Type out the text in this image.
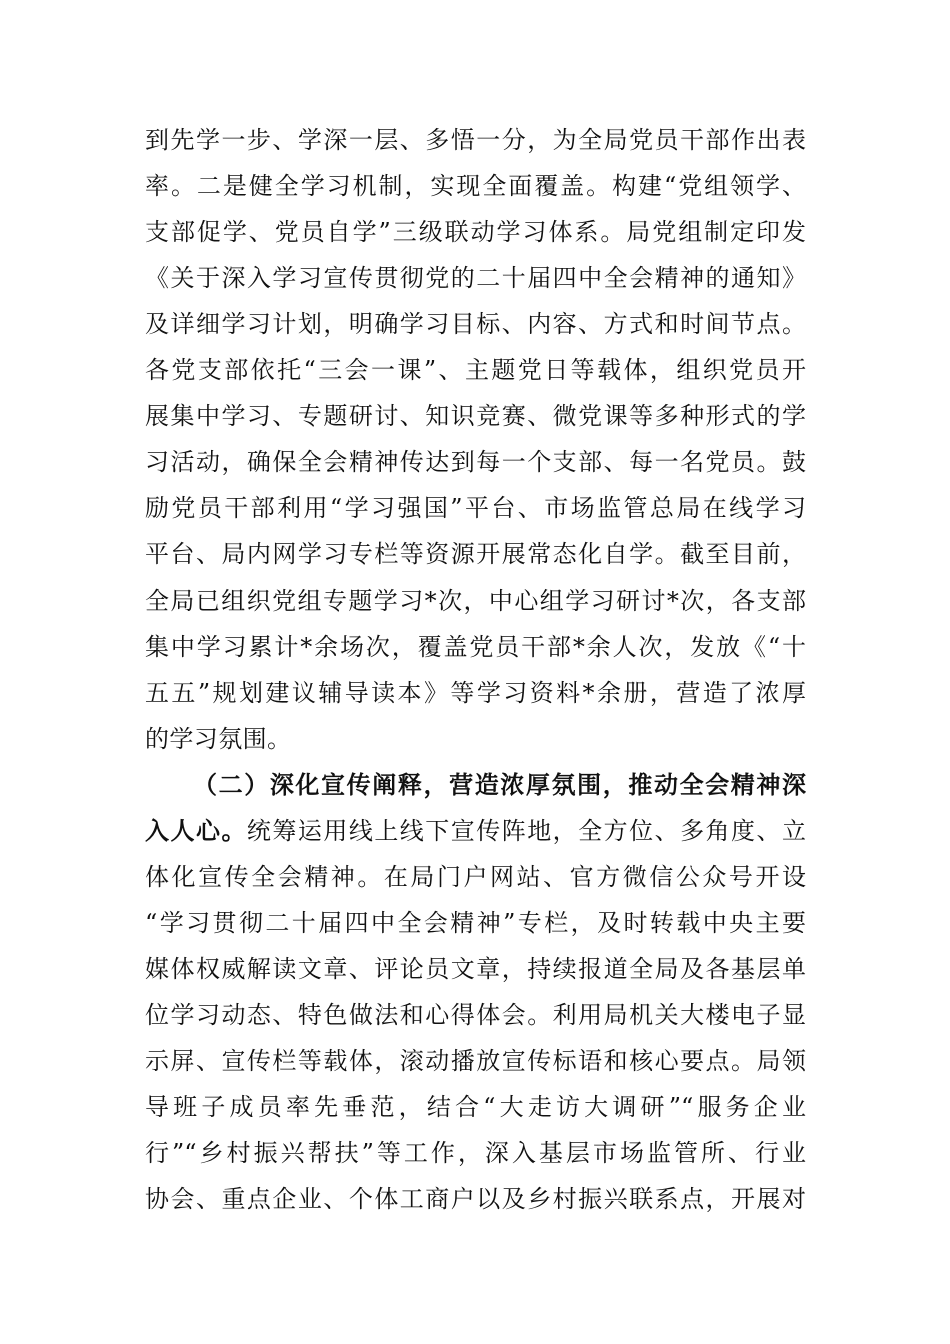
到先学一步、学深一层、多悟一分，为全局党员干部作出表
率。二是健全学习机制，实现全面覆盖。构建“党组领学、
支部促学、党员自学”三级联动学习体系。局党组制定印发
《关于深入学习宣传贯彻党的二十届四中全会精神的通知》
及详细学习计划，明确学习目标、内容、方式和时间节点。
各党支部依托“三会一课”、主题党日等载体，组织党员开
展集中学习、专题研讨、知识竞赛、微党课等多种形式的学
习活动，确保全会精神传达到每一个支部、每一名党员。鼓
励党员干部利用“学习强国”平台、市场监管总局在线学习
平台、局内网学习专栏等资源开展常态化自学。截至目前，
全局已组织党组专题学习*次，中心组学习研讨*次，各支部
集中学习累计*余场次，覆盖党员干部*余人次，发放《“十
五五”规划建议辅导读本》等学习资料*余册，营造了浓厚
的学习氛围。
（二）深化宣传阐释，营造浓厚氛围，推动全会精神深
入人心。统筹运用线上线下宣传阵地，全方位、多角度、立
体化宣传全会精神。在局门户网站、官方微信公众号开设
“学习贯彻二十届四中全会精神”专栏，及时转载中央主要
媒体权威解读文章、评论员文章，持续报道全局及各基层单
位学习动态、特色做法和心得体会。利用局机关大楼电子显
示屏、宣传栏等载体，滚动播放宣传标语和核心要点。局领
导班子成员率先垂范，结合“大走访大调研”“服务企业
行”“乡村振兴帮扶”等工作，深入基层市场监管所、行业
协会、重点企业、个体工商户以及乡村振兴联系点，开展对
